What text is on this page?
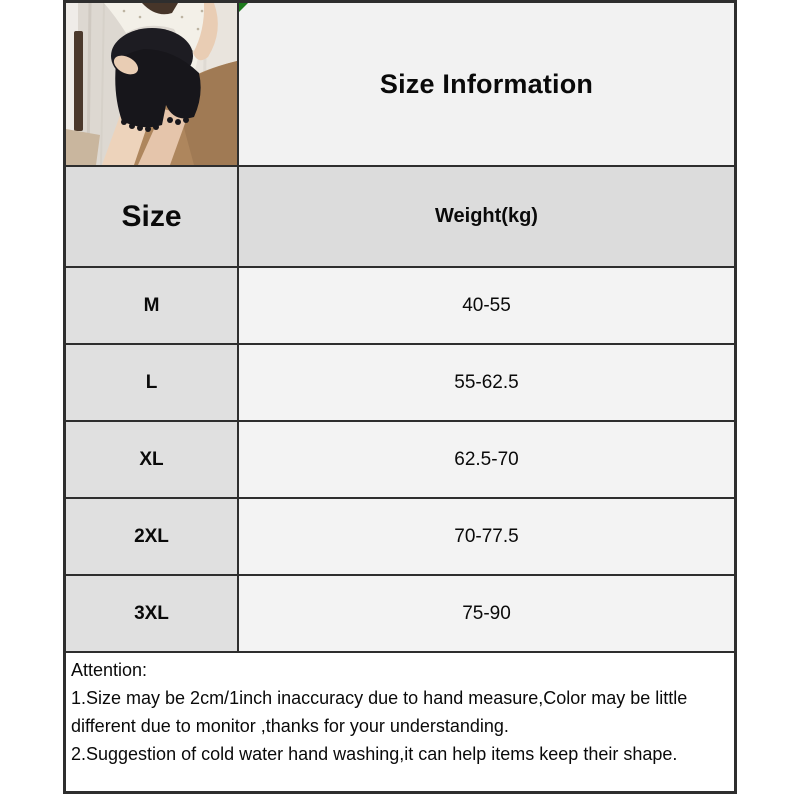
Size Information
Size	Weight(kg)
M	40-55
L	55-62.5
XL	62.5-70
2XL	70-77.5
3XL	75-90
Attention:
1.Size may be 2cm/1inch inaccuracy due to hand measure,Color may be little different due to monitor ,thanks for your understanding.
2.Suggestion of cold water hand washing,it can help items keep their shape.
